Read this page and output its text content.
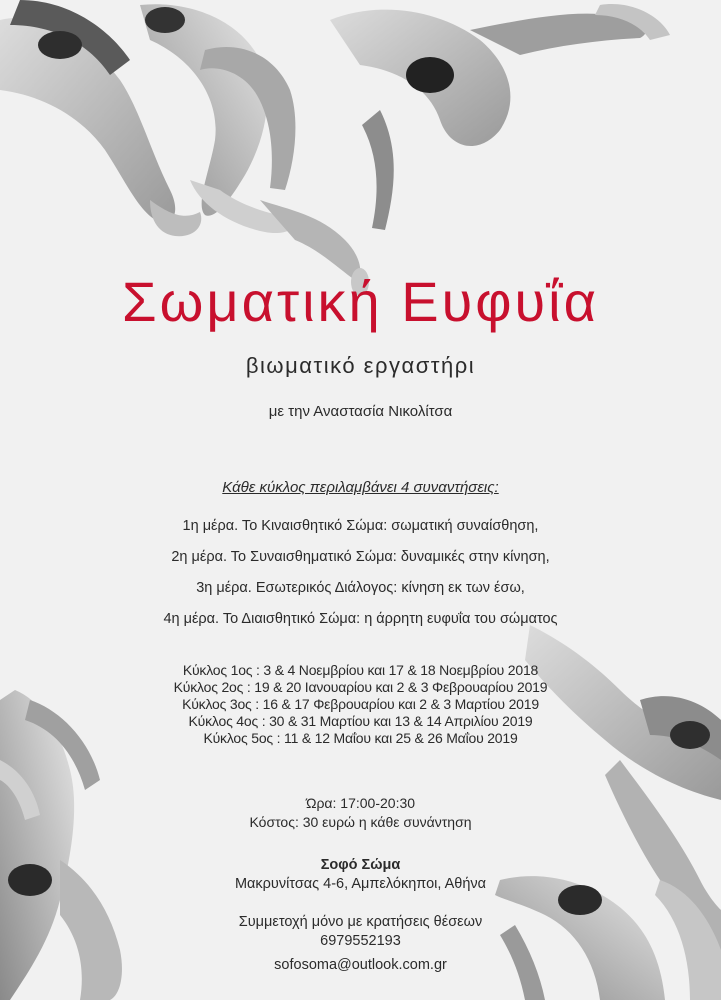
Σωματική Ευφυΐα
βιωματικό εργαστήρι
με την Αναστασία Νικολίτσα
Κάθε κύκλος περιλαμβάνει 4 συναντήσεις:
1η μέρα. Το Κιναισθητικό Σώμα: σωματική συναίσθηση,
2η μέρα. Το Συναισθηματικό Σώμα: δυναμικές στην κίνηση,
3η μέρα. Εσωτερικός Διάλογος: κίνηση εκ των έσω,
4η μέρα. Το Διαισθητικό Σώμα: η άρρητη ευφυΐα του σώματος
Κύκλος 1ος : 3 & 4 Νοεμβρίου και 17 & 18 Νοεμβρίου 2018
Κύκλος 2ος : 19 & 20 Ιανουαρίου και 2 & 3 Φεβρουαρίου 2019
Κύκλος 3ος : 16 & 17 Φεβρουαρίου και 2 & 3 Μαρτίου 2019
Κύκλος 4ος : 30 & 31 Μαρτίου και 13 & 14 Απριλίου 2019
Κύκλος 5ος : 11 & 12 Μαΐου και 25 & 26 Μαΐου 2019
Ώρα: 17:00-20:30
Κόστος: 30 ευρώ η κάθε συνάντηση
Σοφό Σώμα
Μακρυνίτσας 4-6, Αμπελόκηποι, Αθήνα
Συμμετοχή μόνο με κρατήσεις θέσεων
6979552193
sofosoma@outlook.com.gr
